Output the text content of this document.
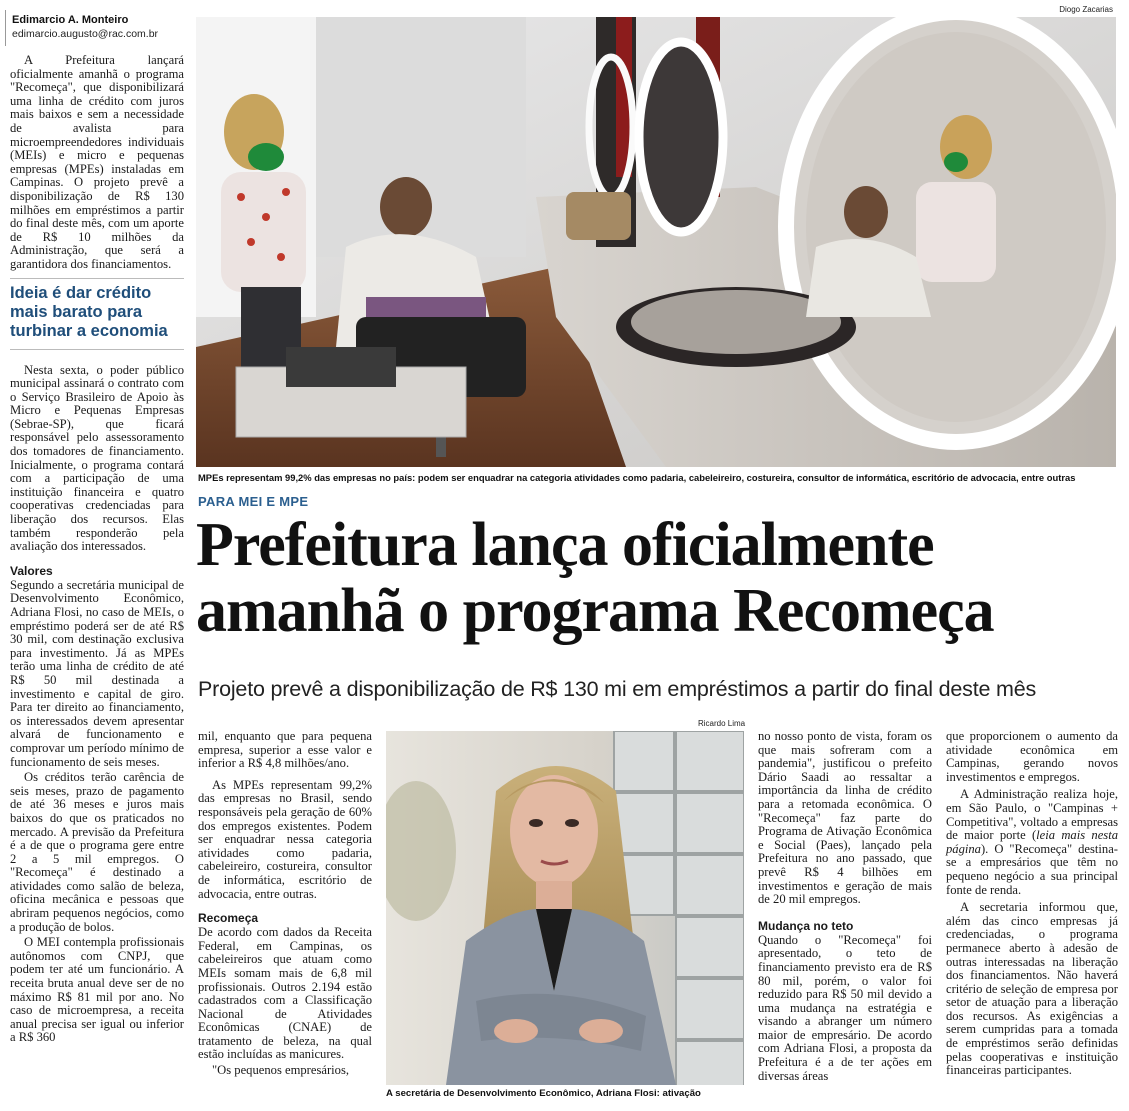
Edimarcio A. Monteiro
edimarcio.augusto@rac.com.br

A Prefeitura lançará oficialmente amanhã o programa "Recomeça", que disponibilizará uma linha de crédito com juros mais baixos e sem a necessidade de avalista para microempreendedores individuais (MEIs) e micro e pequenas empresas (MPEs) instaladas em Campinas. O projeto prevê a disponibilização de R$ 130 milhões em empréstimos a partir do final deste mês, com um aporte de R$ 10 milhões da Administração, que será a garantidora dos financiamentos.

Ideia é dar crédito mais barato para turbinar a economia

Nesta sexta, o poder público municipal assinará o contrato com o Serviço Brasileiro de Apoio às Micro e Pequenas Empresas (Sebrae-SP), que ficará responsável pelo assessoramento dos tomadores de financiamento. Inicialmente, o programa contará com a participação de uma instituição financeira e quatro cooperativas credenciadas para liberação dos recursos. Elas também responderão pela avaliação dos interessados.

Valores

Segundo a secretária municipal de Desenvolvimento Econômico, Adriana Flosi, no caso de MEIs, o empréstimo poderá ser de até R$ 30 mil, com destinação exclusiva para investimento. Já as MPEs terão uma linha de crédito de até R$ 50 mil destinada a investimento e capital de giro. Para ter direito ao financiamento, os interessados devem apresentar alvará de funcionamento e comprovar um período mínimo de funcionamento de seis meses.

Os créditos terão carência de seis meses, prazo de pagamento de até 36 meses e juros mais baixos do que os praticados no mercado. A previsão da Prefeitura é a de que o programa gere entre 2 a 5 mil empregos. O "Recomeça" é destinado a atividades como salão de beleza, oficina mecânica e pessoas que abriram pequenos negócios, como a produção de bolos.

O MEI contempla profissionais autônomos com CNPJ, que podem ter até um funcionário. A receita bruta anual deve ser de no máximo R$ 81 mil por ano. No caso de microempresa, a receita anual precisa ser igual ou inferior a R$ 360

Diogo Zacarias
MPEs representam 99,2% das empresas no país: podem ser enquadrar na categoria atividades como padaria, cabeleireiro, costureira, consultor de informática, escritório de advocacia, entre outras
PARA MEI E MPE
Prefeitura lança oficialmente
amanhã o programa Recomeça
Projeto prevê a disponibilização de R$ 130 mi em empréstimos a partir do final deste mês

mil, enquanto que para pequena empresa, superior a esse valor e inferior a R$ 4,8 milhões/ano.

As MPEs representam 99,2% das empresas no Brasil, sendo responsáveis pela geração de 60% dos empregos existentes. Podem ser enquadrar nessa categoria atividades como padaria, cabeleireiro, costureira, consultor de informática, escritório de advocacia, entre outras.

Recomeça

De acordo com dados da Receita Federal, em Campinas, os cabeleireiros que atuam como MEIs somam mais de 6,8 mil profissionais. Outros 2.194 estão cadastrados com a Classificação Nacional de Atividades Econômicas (CNAE) de tratamento de beleza, na qual estão incluídas as manicures.

"Os pequenos empresários,

Ricardo Lima
A secretária de Desenvolvimento Econômico, Adriana Flosi: ativação

no nosso ponto de vista, foram os que mais sofreram com a pandemia", justificou o prefeito Dário Saadi ao ressaltar a importância da linha de crédito para a retomada econômica. O "Recomeça" faz parte do Programa de Ativação Econômica e Social (Paes), lançado pela Prefeitura no ano passado, que prevê R$ 4 bilhões em investimentos e geração de mais de 20 mil empregos.

Mudança no teto

Quando o "Recomeça" foi apresentado, o teto de financiamento previsto era de R$ 80 mil, porém, o valor foi reduzido para R$ 50 mil devido a uma mudança na estratégia e visando a abranger um número maior de empresário. De acordo com Adriana Flosi, a proposta da Prefeitura é a de ter ações em diversas áreas

que proporcionem o aumento da atividade econômica em Campinas, gerando novos investimentos e empregos.

A Administração realiza hoje, em São Paulo, o "Campinas + Competitiva", voltado a empresas de maior porte (leia mais nesta página). O "Recomeça" destina-se a empresários que têm no pequeno negócio a sua principal fonte de renda.

A secretaria informou que, além das cinco empresas já credenciadas, o programa permanece aberto à adesão de outras interessadas na liberação dos financiamentos. Não haverá critério de seleção de empresa por setor de atuação para a liberação dos recursos. As exigências a serem cumpridas para a tomada de empréstimos serão definidas pelas cooperativas e instituição financeiras participantes.
